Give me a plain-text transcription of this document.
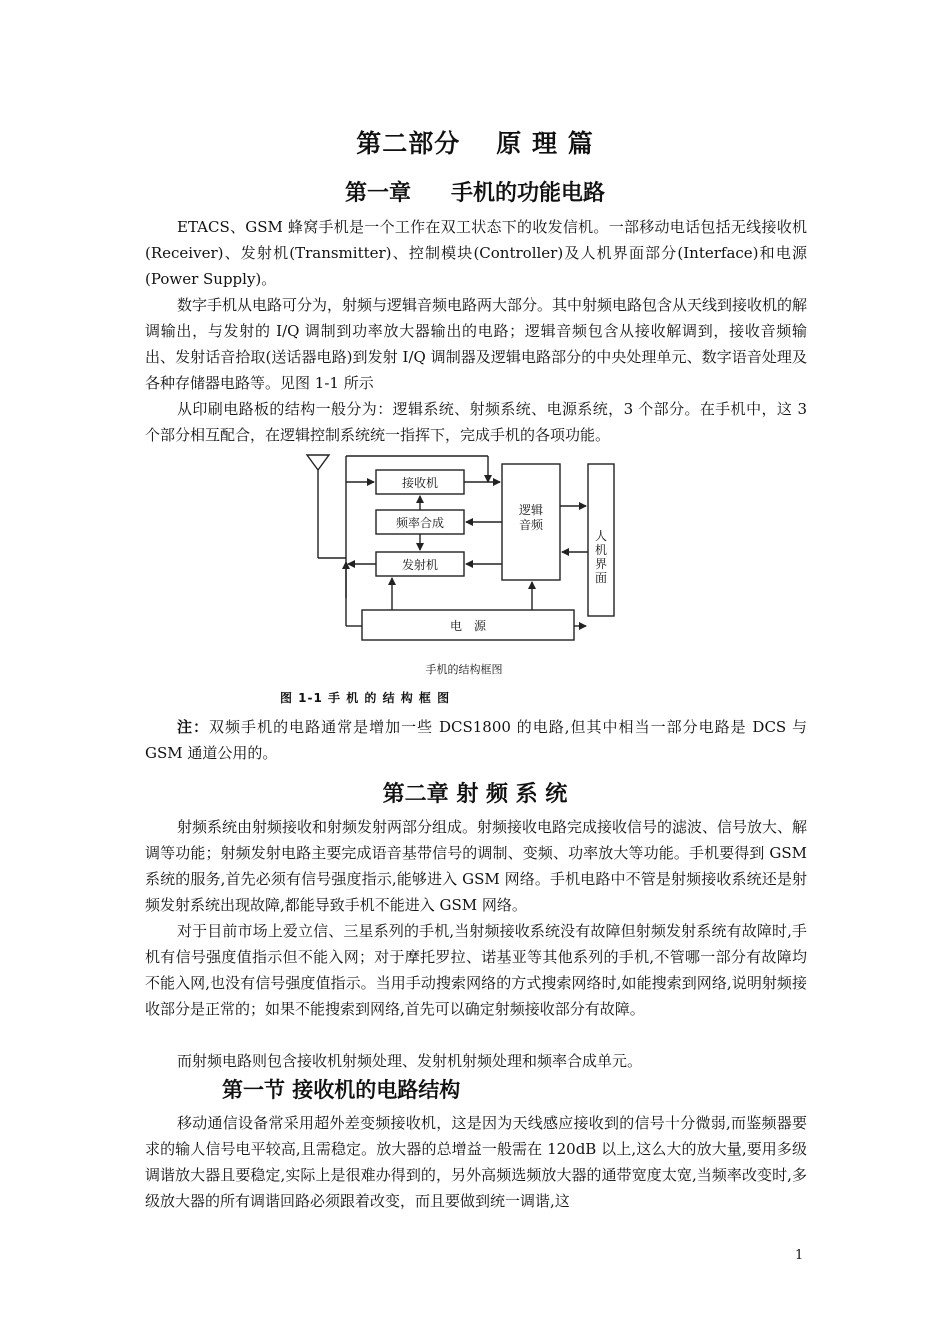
第二部分 原 理 篇
第一章 手机的功能电路

ETACS、GSM 蜂窝手机是一个工作在双工状态下的收发信机。一部移动电话包括无线接收机(Receiver)、发射机(Transmitter)、控制模块(Controller)及人机界面部分(Interface)和电源(Power Supply)。

数字手机从电路可分为，射频与逻辑音频电路两大部分。其中射频电路包含从天线到接收机的解调输出，与发射的 I/Q 调制到功率放大器输出的电路；逻辑音频包含从接收解调到，接收音频输出、发射话音拾取(送话器电路)到发射 I/Q 调制器及逻辑电路部分的中央处理单元、数字语音处理及各种存储器电路等。见图 1-1 所示

从印刷电路板的结构一般分为：逻辑系统、射频系统、电源系统，3 个部分。在手机中，这 3 个部分相互配合，在逻辑控制系统统一指挥下，完成手机的各项功能。

接收机
频率合成
发射机
逻辑
音频
人
机
界
面
电　源
手机的结构框图
图 1-1 手 机 的 结 构 框 图

注：双频手机的电路通常是增加一些 DCS1800 的电路,但其中相当一部分电路是 DCS 与 GSM 通道公用的。

第二章 射 频 系 统

射频系统由射频接收和射频发射两部分组成。射频接收电路完成接收信号的滤波、信号放大、解调等功能；射频发射电路主要完成语音基带信号的调制、变频、功率放大等功能。手机要得到 GSM 系统的服务,首先必须有信号强度指示,能够进入 GSM 网络。手机电路中不管是射频接收系统还是射频发射系统出现故障,都能导致手机不能进入 GSM 网络。

对于目前市场上爱立信、三星系列的手机,当射频接收系统没有故障但射频发射系统有故障时,手机有信号强度值指示但不能入网；对于摩托罗拉、诺基亚等其他系列的手机,不管哪一部分有故障均不能入网,也没有信号强度值指示。当用手动搜索网络的方式搜索网络时,如能搜索到网络,说明射频接收部分是正常的；如果不能搜索到网络,首先可以确定射频接收部分有故障。

而射频电路则包含接收机射频处理、发射机射频处理和频率合成单元。

第一节 接收机的电路结构

移动通信设备常采用超外差变频接收机，这是因为天线感应接收到的信号十分微弱,而鉴频器要求的输人信号电平较高,且需稳定。放大器的总增益一般需在 120dB 以上,这么大的放大量,要用多级调谐放大器且要稳定,实际上是很难办得到的，另外高频选频放大器的通带宽度太宽,当频率改变时,多级放大器的所有调谐回路必须跟着改变，而且要做到统一调谐,这

1
